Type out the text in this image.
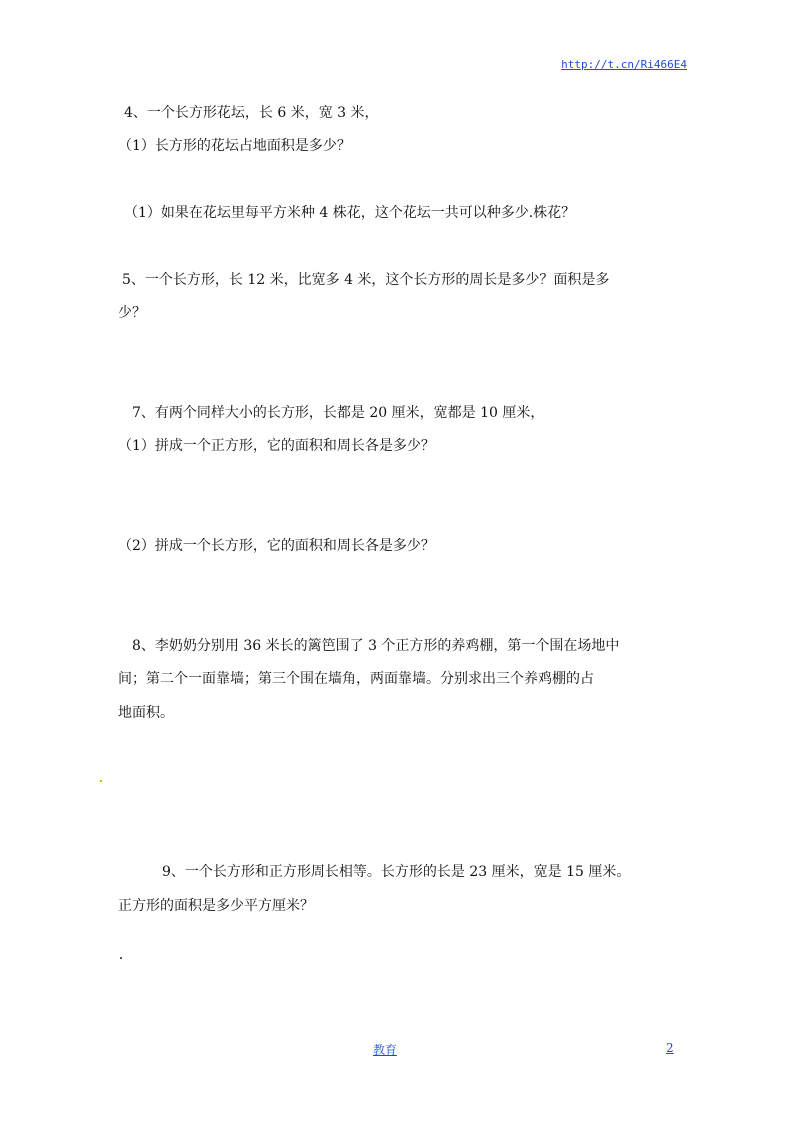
http://t.cn/Ri466E4
4、一个长方形花坛，长 6 米，宽 3 米，
（1）长方形的花坛占地面积是多少？
（1）如果在花坛里每平方米种 4 株花，这个花坛一共可以种多少.株花？
5、一个长方形，长 12 米，比宽多 4 米，这个长方形的周长是多少？面积是多
少？
7、有两个同样大小的长方形，长都是 20 厘米，宽都是 10 厘米，
（1）拼成一个正方形，它的面积和周长各是多少？
（2）拼成一个长方形，它的面积和周长各是多少？
8、李奶奶分别用 36 米长的篱笆围了 3 个正方形的养鸡棚，第一个围在场地中
间；第二个一面靠墙；第三个围在墙角，两面靠墙。分别求出三个养鸡棚的占
地面积。
9、一个长方形和正方形周长相等。长方形的长是 23 厘米，宽是 15 厘米。
正方形的面积是多少平方厘米？
教育	2
